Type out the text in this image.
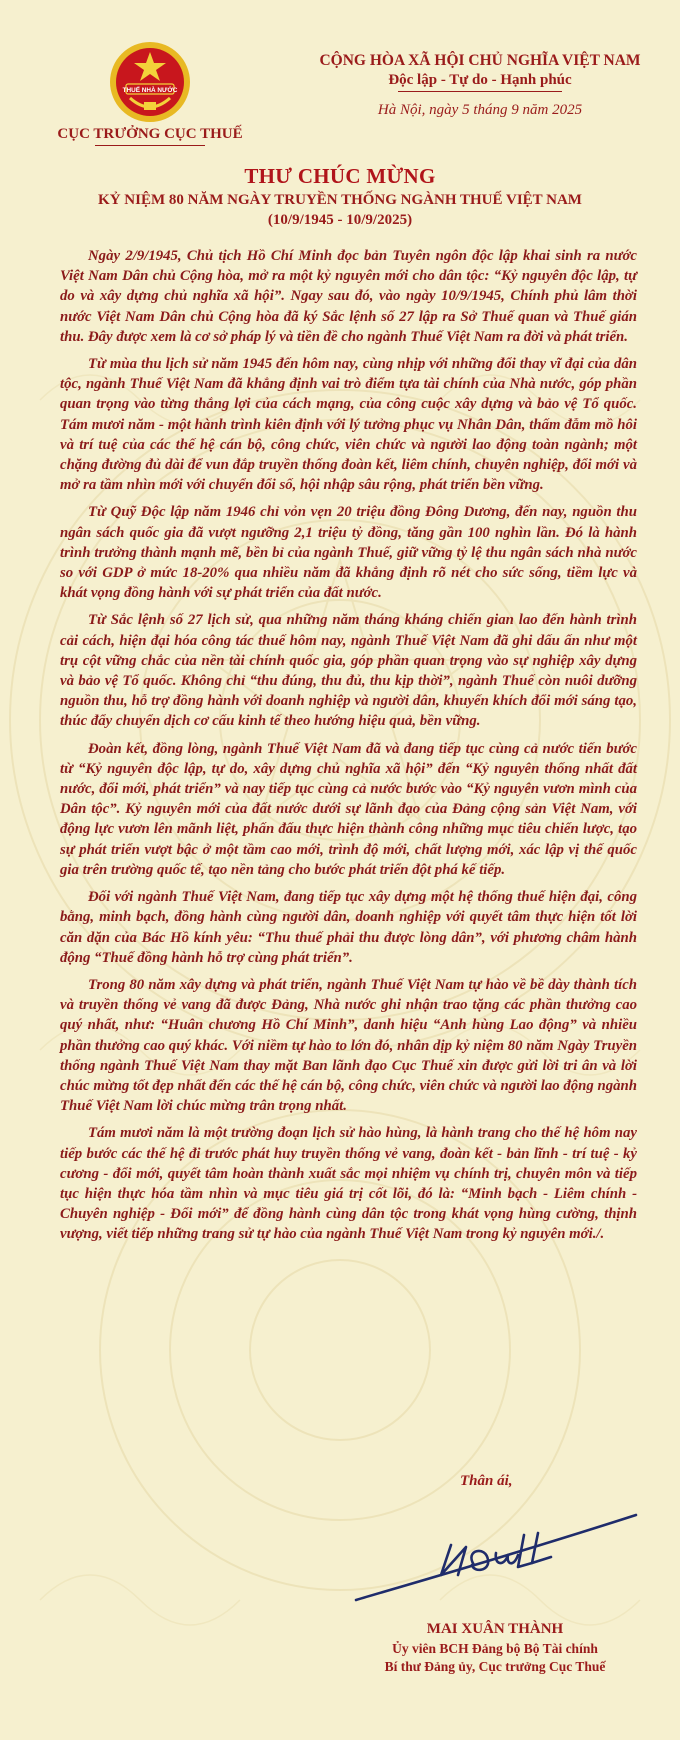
THUẾ NHÀ NƯỚC
CỤC TRƯỞNG CỤC THUẾ
CỘNG HÒA XÃ HỘI CHỦ NGHĨA VIỆT NAM
Độc lập - Tự do - Hạnh phúc
Hà Nội, ngày 5 tháng 9 năm 2025
THƯ CHÚC MỪNG
KỶ NIỆM 80 NĂM NGÀY TRUYỀN THỐNG NGÀNH THUẾ VIỆT NAM
(10/9/1945 - 10/9/2025)

Ngày 2/9/1945, Chủ tịch Hồ Chí Minh đọc bản Tuyên ngôn độc lập khai sinh ra nước Việt Nam Dân chủ Cộng hòa, mở ra một kỷ nguyên mới cho dân tộc: “Kỷ nguyên độc lập, tự do và xây dựng chủ nghĩa xã hội”. Ngay sau đó, vào ngày 10/9/1945, Chính phủ lâm thời nước Việt Nam Dân chủ Cộng hòa đã ký Sắc lệnh số 27 lập ra Sở Thuế quan và Thuế gián thu. Đây được xem là cơ sở pháp lý và tiền đề cho ngành Thuế Việt Nam ra đời và phát triển.

Từ mùa thu lịch sử năm 1945 đến hôm nay, cùng nhịp với những đổi thay vĩ đại của dân tộc, ngành Thuế Việt Nam đã khẳng định vai trò điểm tựa tài chính của Nhà nước, góp phần quan trọng vào từng thắng lợi của cách mạng, của công cuộc xây dựng và bảo vệ Tổ quốc. Tám mươi năm - một hành trình kiên định với lý tưởng phục vụ Nhân Dân, thấm đẫm mồ hôi và trí tuệ của các thế hệ cán bộ, công chức, viên chức và người lao động toàn ngành; một chặng đường đủ dài để vun đắp truyền thống đoàn kết, liêm chính, chuyên nghiệp, đổi mới và mở ra tầm nhìn mới với chuyển đổi số, hội nhập sâu rộng, phát triển bền vững.

Từ Quỹ Độc lập năm 1946 chỉ vỏn vẹn 20 triệu đồng Đông Dương, đến nay, nguồn thu ngân sách quốc gia đã vượt ngưỡng 2,1 triệu tỷ đồng, tăng gần 100 nghìn lần. Đó là hành trình trưởng thành mạnh mẽ, bền bỉ của ngành Thuế, giữ vững tỷ lệ thu ngân sách nhà nước so với GDP ở mức 18-20% qua nhiều năm đã khẳng định rõ nét cho sức sống, tiềm lực và khát vọng đồng hành với sự phát triển của đất nước.

Từ Sắc lệnh số 27 lịch sử, qua những năm tháng kháng chiến gian lao đến hành trình cải cách, hiện đại hóa công tác thuế hôm nay, ngành Thuế Việt Nam đã ghi dấu ấn như một trụ cột vững chắc của nền tài chính quốc gia, góp phần quan trọng vào sự nghiệp xây dựng và bảo vệ Tổ quốc. Không chỉ “thu đúng, thu đủ, thu kịp thời”, ngành Thuế còn nuôi dưỡng nguồn thu, hỗ trợ đồng hành với doanh nghiệp và người dân, khuyến khích đổi mới sáng tạo, thúc đẩy chuyển dịch cơ cấu kinh tế theo hướng hiệu quả, bền vững.

Đoàn kết, đồng lòng, ngành Thuế Việt Nam đã và đang tiếp tục cùng cả nước tiến bước từ “Kỷ nguyên độc lập, tự do, xây dựng chủ nghĩa xã hội” đến “Kỷ nguyên thống nhất đất nước, đổi mới, phát triển” và nay tiếp tục cùng cả nước bước vào “Kỷ nguyên vươn mình của Dân tộc”. Kỷ nguyên mới của đất nước dưới sự lãnh đạo của Đảng cộng sản Việt Nam, với động lực vươn lên mãnh liệt, phấn đấu thực hiện thành công những mục tiêu chiến lược, tạo sự phát triển vượt bậc ở một tầm cao mới, trình độ mới, chất lượng mới, xác lập vị thế quốc gia trên trường quốc tế, tạo nền tảng cho bước phát triển đột phá kế tiếp.

Đối với ngành Thuế Việt Nam, đang tiếp tục xây dựng một hệ thống thuế hiện đại, công bằng, minh bạch, đồng hành cùng người dân, doanh nghiệp với quyết tâm thực hiện tốt lời căn dặn của Bác Hồ kính yêu: “Thu thuế phải thu được lòng dân”, với phương châm hành động “Thuế đồng hành hỗ trợ cùng phát triển”.

Trong 80 năm xây dựng và phát triển, ngành Thuế Việt Nam tự hào về bề dày thành tích và truyền thống vẻ vang đã được Đảng, Nhà nước ghi nhận trao tặng các phần thưởng cao quý nhất, như: “Huân chương Hồ Chí Minh”, danh hiệu “Anh hùng Lao động” và nhiều phần thưởng cao quý khác. Với niềm tự hào to lớn đó, nhân dịp kỷ niệm 80 năm Ngày Truyền thống ngành Thuế Việt Nam thay mặt Ban lãnh đạo Cục Thuế xin được gửi lời tri ân và lời chúc mừng tốt đẹp nhất đến các thế hệ cán bộ, công chức, viên chức và người lao động ngành Thuế Việt Nam lời chúc mừng trân trọng nhất.

Tám mươi năm là một trường đoạn lịch sử hào hùng, là hành trang cho thế hệ hôm nay tiếp bước các thế hệ đi trước phát huy truyền thống vẻ vang, đoàn kết - bản lĩnh - trí tuệ - kỷ cương - đổi mới, quyết tâm hoàn thành xuất sắc mọi nhiệm vụ chính trị, chuyên môn và tiếp tục hiện thực hóa tầm nhìn và mục tiêu giá trị cốt lõi, đó là: “Minh bạch - Liêm chính - Chuyên nghiệp - Đổi mới” để đồng hành cùng dân tộc trong khát vọng hùng cường, thịnh vượng, viết tiếp những trang sử tự hào của ngành Thuế Việt Nam trong kỷ nguyên mới./.

Thân ái,
MAI XUÂN THÀNH
Ủy viên BCH Đảng bộ Bộ Tài chính
Bí thư Đảng ủy, Cục trưởng Cục Thuế
